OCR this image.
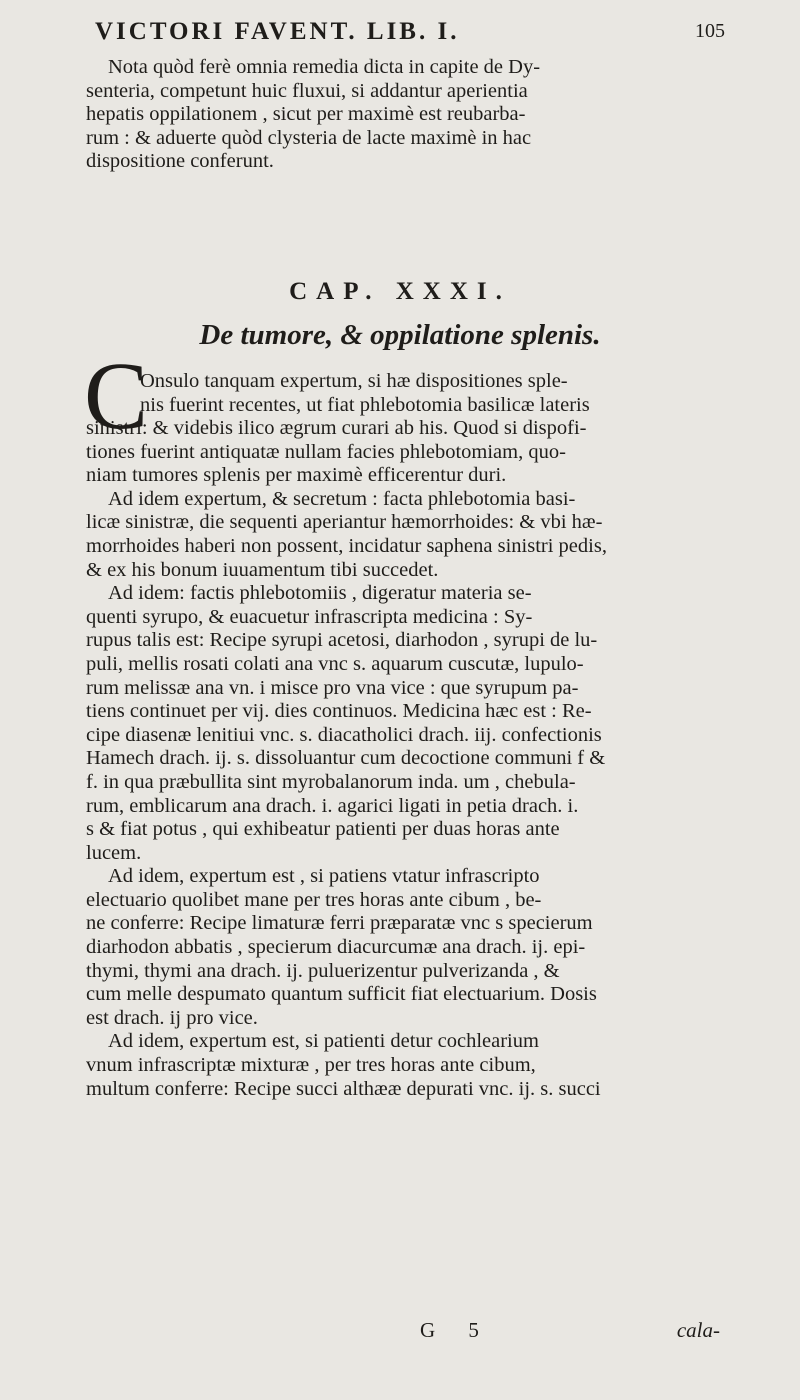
VICTORI FAVENT. LIB. I.	105
Nota quòd ferè omnia remedia dicta in capite de Dy-
senteria, competunt huic fluxui, si addantur aperientia
hepatis oppilationem , sicut per maximè est reubarba-
rum : & aduerte quòd clysteria de lacte maximè in hac
dispositione conferunt.
CAP. XXXI.
De tumore, & oppilatione splenis.
C
Onsulo tanquam expertum, si hæ dispositiones sple-
nis fuerint recentes, ut fiat phlebotomia basilicæ lateris
sinistri: & videbis ilico ægrum curari ab his. Quod si dispofi-
tiones fuerint antiquatæ nullam facies phlebotomiam, quo-
niam tumores splenis per maximè efficerentur duri.
Ad idem expertum, & secretum : facta phlebotomia basi-
licæ sinistræ, die sequenti aperiantur hæmorrhoides: & vbi hæ-
morrhoides haberi non possent, incidatur saphena sinistri pedis,
& ex his bonum iuuamentum tibi succedet.
Ad idem: factis phlebotomiis , digeratur materia se-
quenti syrupo, & euacuetur infrascripta medicina : Sy-
rupus talis est: Recipe syrupi acetosi, diarhodon , syrupi de lu-
puli, mellis rosati colati ana vnc s. aquarum cuscutæ, lupulo-
rum melissæ ana vn. i misce pro vna vice : que syrupum pa-
tiens continuet per vij. dies continuos. Medicina hæc est : Re-
cipe diasenæ lenitiui vnc. s. diacatholici drach. iij. confectionis
Hamech drach. ij. s. dissoluantur cum decoctione communi f &
f. in qua præbullita sint myrobalanorum inda. um , chebula-
rum, emblicarum ana drach. i. agarici ligati in petia drach. i.
s & fiat potus , qui exhibeatur patienti per duas horas ante
lucem.
Ad idem, expertum est , si patiens vtatur infrascripto
electuario quolibet mane per tres horas ante cibum , be-
ne conferre: Recipe limaturæ ferri præparatæ vnc s specierum
diarhodon abbatis , specierum diacurcumæ ana drach. ij. epi-
thymi, thymi ana drach. ij. puluerizentur pulverizanda , &
cum melle despumato quantum sufficit fiat electuarium. Dosis
est drach. ij pro vice.
Ad idem, expertum est, si patienti detur cochlearium
vnum infrascriptæ mixturæ , per tres horas ante cibum,
multum conferre: Recipe succi althææ depurati vnc. ij. s. succi
G 5	cala-
